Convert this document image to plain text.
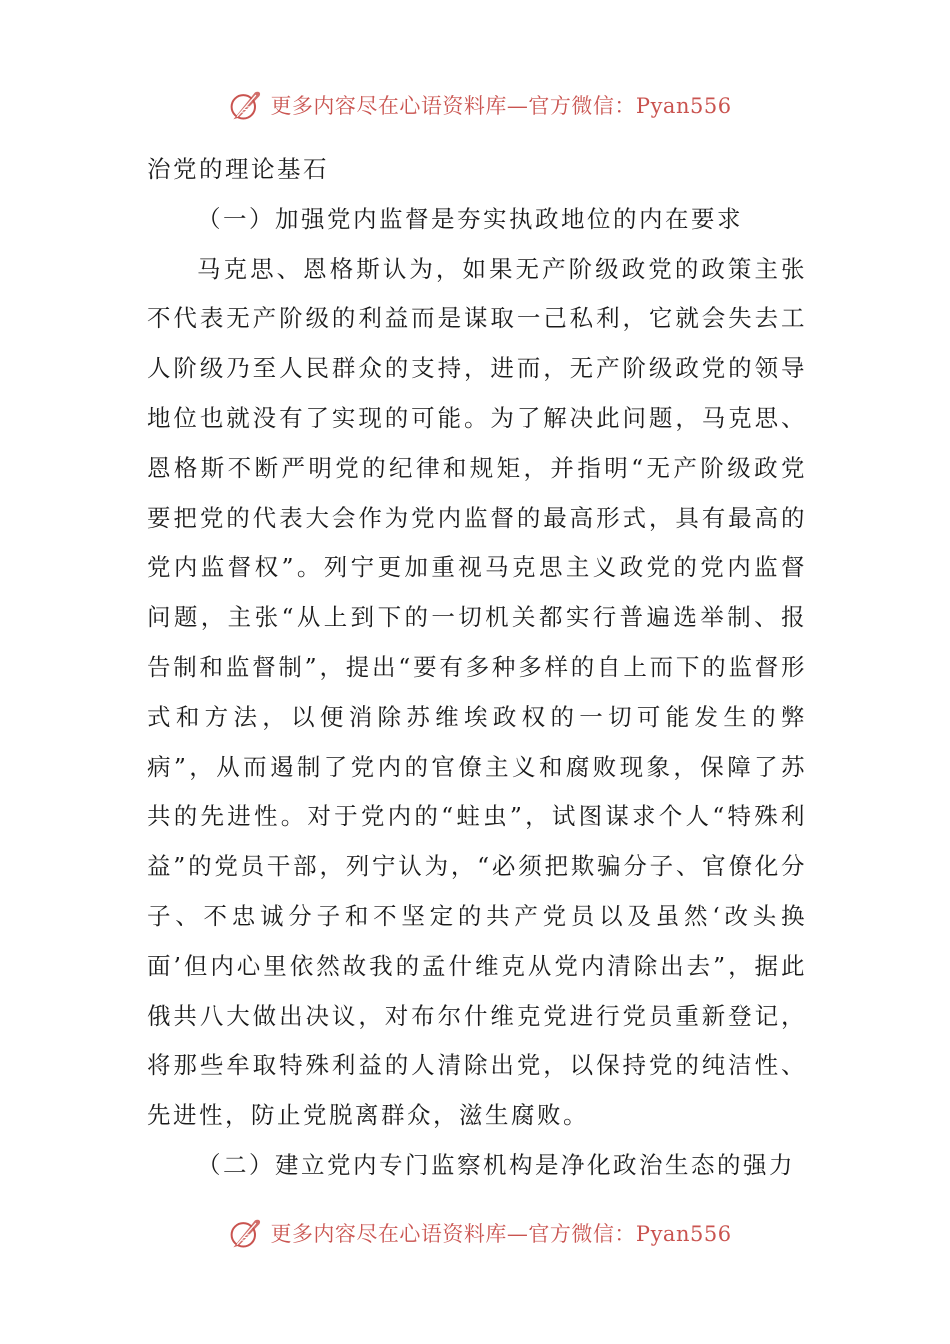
更多内容尽在心语资料库—官方微信：Pyan556

治党的理论基石

（一）加强党内监督是夯实执政地位的内在要求

马克思、恩格斯认为，如果无产阶级政党的政策主张不代表无产阶级的利益而是谋取一己私利，它就会失去工人阶级乃至人民群众的支持，进而，无产阶级政党的领导地位也就没有了实现的可能。为了解决此问题，马克思、恩格斯不断严明党的纪律和规矩，并指明“无产阶级政党要把党的代表大会作为党内监督的最高形式，具有最高的党内监督权”。列宁更加重视马克思主义政党的党内监督问题，主张“从上到下的一切机关都实行普遍选举制、报告制和监督制”，提出“要有多种多样的自上而下的监督形式和方法，以便消除苏维埃政权的一切可能发生的弊病”，从而遏制了党内的官僚主义和腐败现象，保障了苏共的先进性。对于党内的“蛀虫”，试图谋求个人“特殊利益”的党员干部，列宁认为，“必须把欺骗分子、官僚化分子、不忠诚分子和不坚定的共产党员以及虽然‘改头换面’但内心里依然故我的孟什维克从党内清除出去”，据此俄共八大做出决议，对布尔什维克党进行党员重新登记，将那些牟取特殊利益的人清除出党，以保持党的纯洁性、先进性，防止党脱离群众，滋生腐败。

（二）建立党内专门监察机构是净化政治生态的强力

更多内容尽在心语资料库—官方微信：Pyan556
